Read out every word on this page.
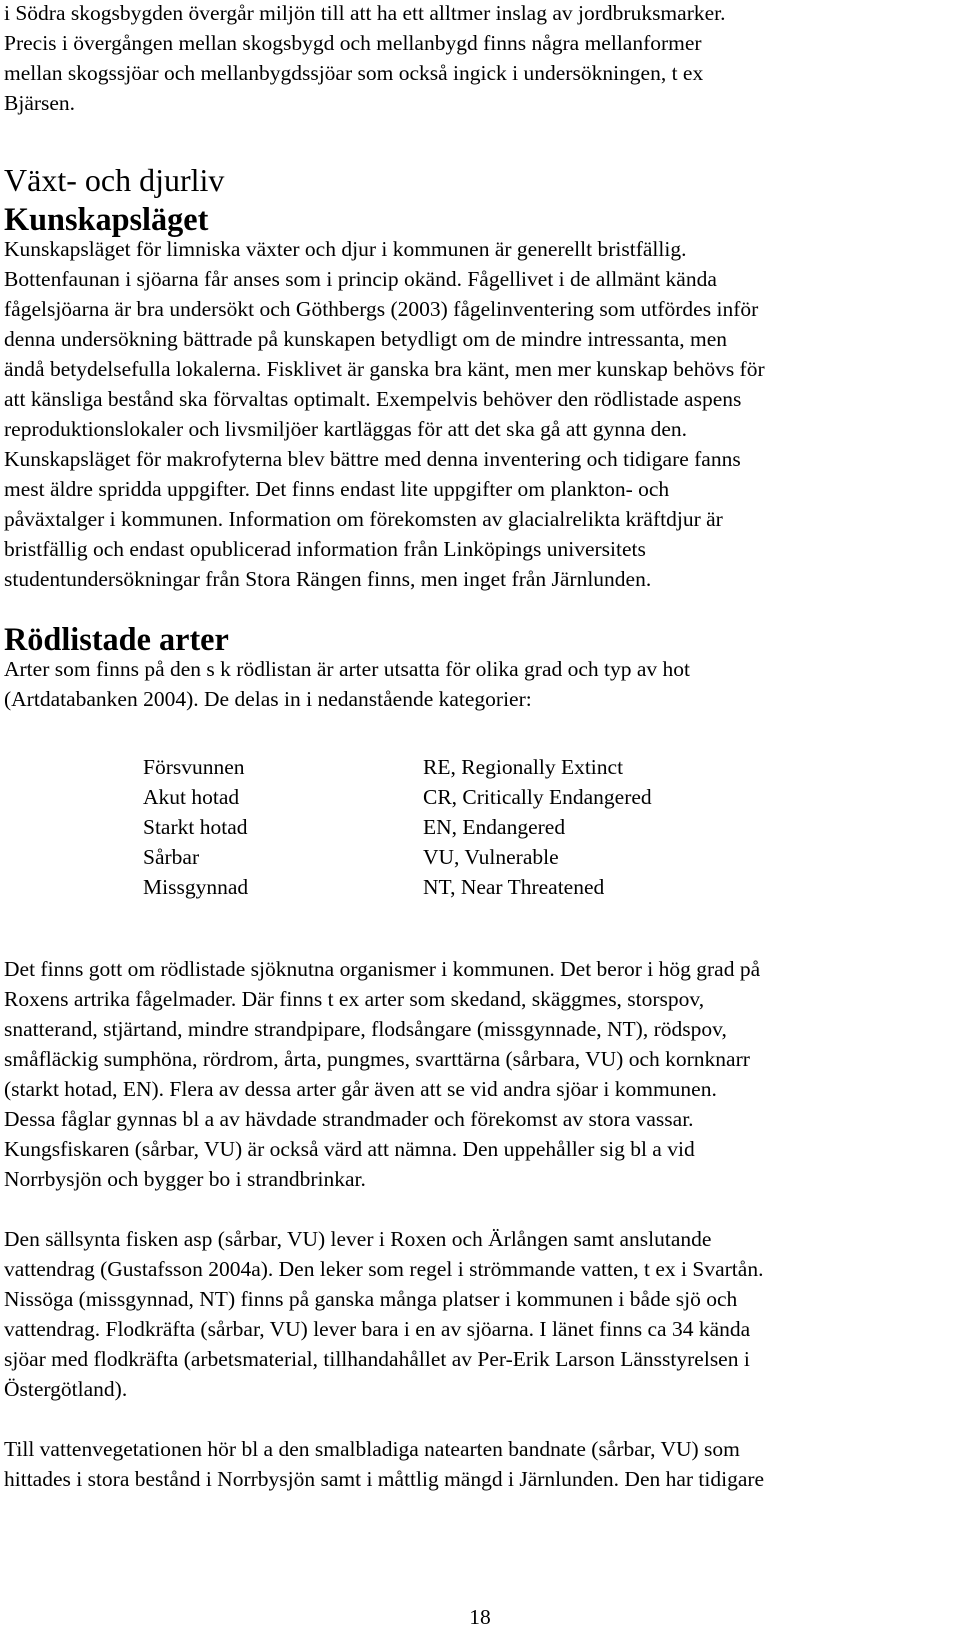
i Södra skogsbygden övergår miljön till att ha ett alltmer inslag av jordbruksmarker.

Precis i övergången mellan skogsbygd och mellanbygd finns några mellanformer

mellan skogssjöar och mellanbygdssjöar som också ingick i undersökningen, t ex

Bjärsen.

Växt- och djurliv
Kunskapsläget

Kunskapsläget för limniska växter och djur i kommunen är generellt bristfällig.

Bottenfaunan i sjöarna får anses som i princip okänd. Fågellivet i de allmänt kända

fågelsjöarna är bra undersökt och Göthbergs (2003) fågelinventering som utfördes inför

denna undersökning bättrade på kunskapen betydligt om de mindre intressanta, men

ändå betydelsefulla lokalerna. Fisklivet är ganska bra känt, men mer kunskap behövs för

att känsliga bestånd ska förvaltas optimalt. Exempelvis behöver den rödlistade aspens

reproduktionslokaler och livsmiljöer kartläggas för att det ska gå att gynna den.

Kunskapsläget för makrofyterna blev bättre med denna inventering och tidigare fanns

mest äldre spridda uppgifter. Det finns endast lite uppgifter om plankton- och

påväxtalger i kommunen. Information om förekomsten av glacialrelikta kräftdjur är

bristfällig och endast opublicerad information från Linköpings universitets

studentundersökningar från Stora Rängen finns, men inget från Järnlunden.

Rödlistade arter

Arter som finns på den s k rödlistan är arter utsatta för olika grad och typ av hot

(Artdatabanken 2004). De delas in i nedanstående kategorier:

Försvunnen
Akut hotad
Starkt hotad
Sårbar
Missgynnad
RE, Regionally Extinct
CR, Critically Endangered
EN, Endangered
VU, Vulnerable
NT, Near Threatened

Det finns gott om rödlistade sjöknutna organismer i kommunen. Det beror i hög grad på

Roxens artrika fågelmader. Där finns t ex arter som skedand, skäggmes, storspov,

snatterand, stjärtand, mindre strandpipare, flodsångare (missgynnade, NT), rödspov,

småfläckig sumphöna, rördrom, årta, pungmes, svarttärna (sårbara, VU) och kornknarr

(starkt hotad, EN). Flera av dessa arter går även att se vid andra sjöar i kommunen.

Dessa fåglar gynnas bl a av hävdade strandmader och förekomst av stora vassar.

Kungsfiskaren (sårbar, VU) är också värd att nämna. Den uppehåller sig bl a vid

Norrbysjön och bygger bo i strandbrinkar.

Den sällsynta fisken asp (sårbar, VU) lever i Roxen och Ärlången samt anslutande

vattendrag (Gustafsson 2004a). Den leker som regel i strömmande vatten, t ex i Svartån.

Nissöga (missgynnad, NT) finns på ganska många platser i kommunen i både sjö och

vattendrag. Flodkräfta (sårbar, VU) lever bara i en av sjöarna. I länet finns ca 34 kända

sjöar med flodkräfta (arbetsmaterial, tillhandahållet av Per-Erik Larson Länsstyrelsen i

Östergötland).

Till vattenvegetationen hör bl a den smalbladiga natearten bandnate (sårbar, VU) som

hittades i stora bestånd i Norrbysjön samt i måttlig mängd i Järnlunden. Den har tidigare

18
